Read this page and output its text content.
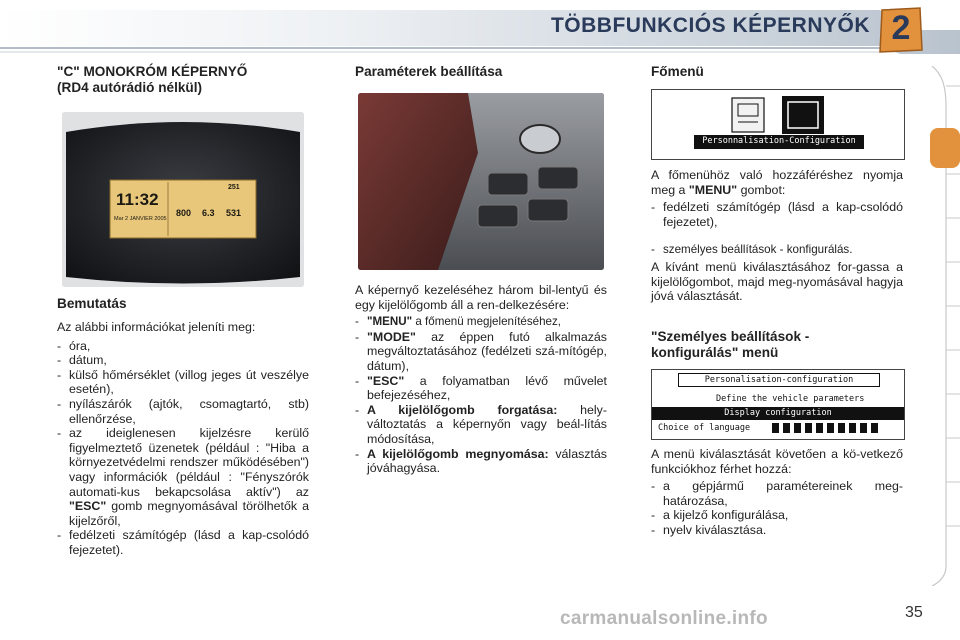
TÖBBFUNKCIÓS KÉPERNYŐK 2
"C" MONOKRÓM KÉPERNYŐ
(RD4 autórádió nélkül)
11:32
Mar 2 JANVIER 2005
251
800 6.3 531
Bemutatás

Az alábbi információkat jeleníti meg:

- óra,
- dátum,
- külső hőmérséklet (villog jeges út veszélye esetén),
- nyílászárók (ajtók, csomagtartó, stb) ellenőrzése,
- az ideiglenesen kijelzésre kerülő figyelmeztető üzenetek (például : "Hiba a környezetvédelmi rendszer működésében") vagy információk (például : "Fényszórók automati-kus bekapcsolása aktív") az "ESC" gomb megnyomásával törölhetők a kijelzőről,
- fedélzeti számítógép (lásd a kap-csolódó fejezetet).
Paraméterek beállítása

A képernyő kezeléséhez három bil-lentyű és egy kijelölőgomb áll a ren-delkezésére:

- "MENU" a főmenü megjelenítéséhez,
- "MODE" az éppen futó alkalmazás megváltoztatásához (fedélzeti szá-mítógép, dátum),
- "ESC" a folyamatban lévő művelet befejezéséhez,
- A kijelölőgomb forgatása: hely-változtatás a képernyőn vagy beál-lítás módosítása,
- A kijelölőgomb megnyomása: választás jóváhagyása.
Főmenü
Personnalisation-Configuration

A főmenühöz való hozzáféréshez nyomja meg a "MENU" gombot:

- fedélzeti számítógép (lásd a kap-csolódó fejezetet),
- személyes beállítások - konfigurálás.

A kívánt menü kiválasztásához for-gassa a kijelölőgombot, majd meg-nyomásával hagyja jóvá választását.

"Személyes beállítások -
konfigurálás" menü
Personalisation-configuration
Define the vehicle parameters
Display configuration
Choice of language

A menü kiválasztását követően a kö-vetkező funkciókhoz férhet hozzá:

- a gépjármű paramétereinek meg-határozása,
- a kijelző konfigurálása,
- nyelv kiválasztása.
carmanualsonline.info	35
